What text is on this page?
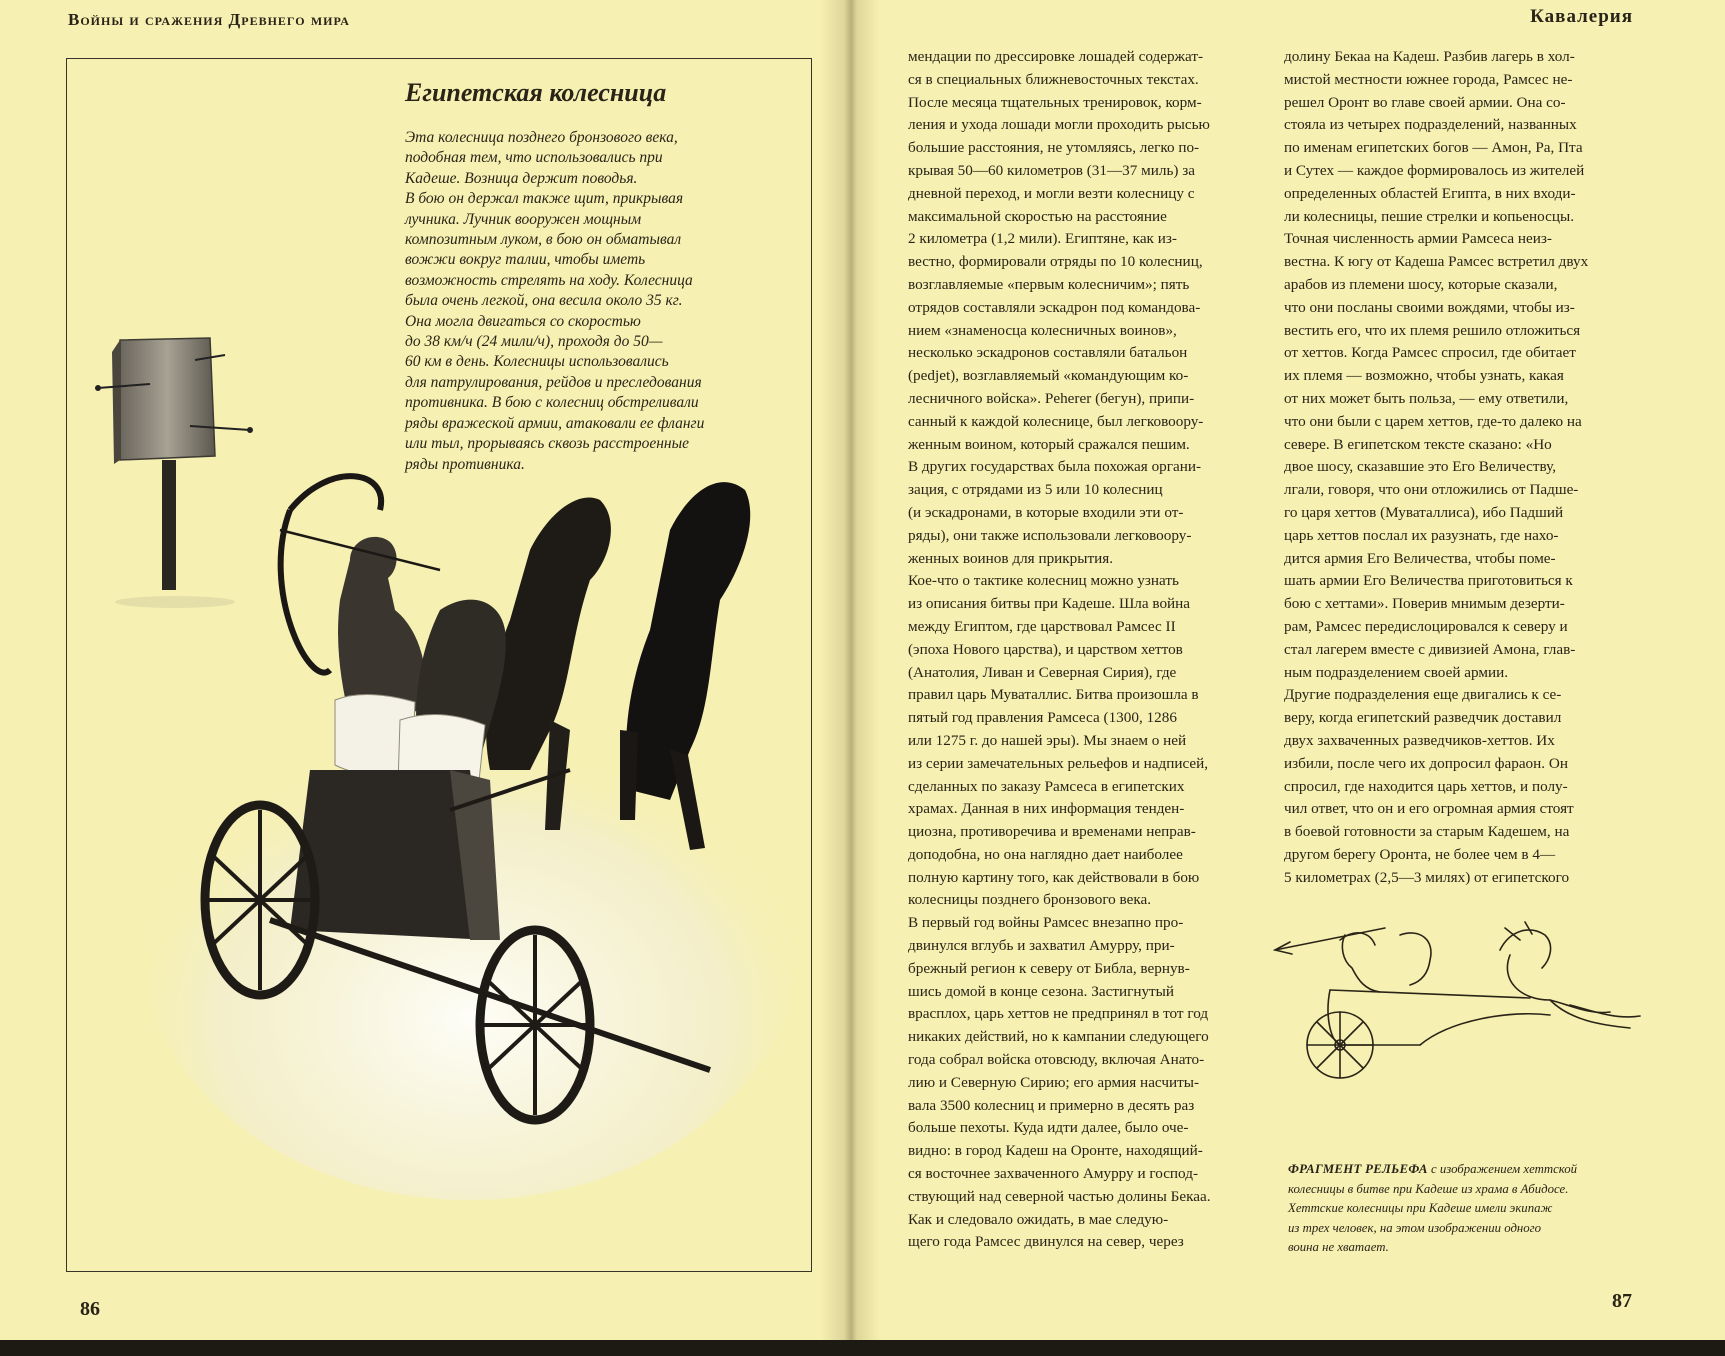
Войны и сражения Древнего мира	Кавалерия
Египетская колесница

Эта колесница позднего бронзового века,
подобная тем, что использовались при
Кадеше. Возница держит поводья.
В бою он держал также щит, прикрывая
лучника. Лучник вооружен мощным
композитным луком, в бою он обматывал
вожжи вокруг талии, чтобы иметь
возможность стрелять на ходу. Колесница
была очень легкой, она весила около 35 кг.
Она могла двигаться со скоростью
до 38 км/ч (24 мили/ч), проходя до 50—
60 км в день. Колесницы использовались
для патрулирования, рейдов и преследования
противника. В бою с колесниц обстреливали
ряды вражеской армии, атаковали ее фланги
или тыл, прорываясь сквозь расстроенные
ряды противника.

86

мендации по дрессировке лошадей содержат-
ся в специальных ближневосточных текстах.
После месяца тщательных тренировок, корм-
ления и ухода лошади могли проходить рысью
большие расстояния, не утомляясь, легко по-
крывая 50—60 километров (31—37 миль) за
дневной переход, и могли везти колесницу с
максимальной скоростью на расстояние
2 километра (1,2 мили). Египтяне, как из-
вестно, формировали отряды по 10 колесниц,
возглавляемые «первым колесничим»; пять
отрядов составляли эскадрон под командова-
нием «знаменосца колесничных воинов»,
несколько эскадронов составляли батальон
(pedjet), возглавляемый «командующим ко-
лесничного войска». Peherer (бегун), припи-
санный к каждой колеснице, был легковоору-
женным воином, который сражался пешим.
В других государствах была похожая органи-
зация, с отрядами из 5 или 10 колесниц
(и эскадронами, в которые входили эти от-
ряды), они также использовали легковоору-
женных воинов для прикрытия.
Кое-что о тактике колесниц можно узнать
из описания битвы при Кадеше. Шла война
между Египтом, где царствовал Рамсес II
(эпоха Нового царства), и царством хеттов
(Анатолия, Ливан и Северная Сирия), где
правил царь Муваталлис. Битва произошла в
пятый год правления Рамсеса (1300, 1286
или 1275 г. до нашей эры). Мы знаем о ней
из серии замечательных рельефов и надписей,
сделанных по заказу Рамсеса в египетских
храмах. Данная в них информация тенден-
циозна, противоречива и временами неправ-
доподобна, но она наглядно дает наиболее
полную картину того, как действовали в бою
колесницы позднего бронзового века.
В первый год войны Рамсес внезапно про-
двинулся вглубь и захватил Амурру, при-
брежный регион к северу от Библа, вернув-
шись домой в конце сезона. Застигнутый
врасплох, царь хеттов не предпринял в тот год
никаких действий, но к кампании следующего
года собрал войска отовсюду, включая Анато-
лию и Северную Сирию; его армия насчиты-
вала 3500 колесниц и примерно в десять раз
больше пехоты. Куда идти далее, было оче-
видно: в город Кадеш на Оронте, находящий-
ся восточнее захваченного Амурру и господ-
ствующий над северной частью долины Бекаа.
Как и следовало ожидать, в мае следую-
щего года Рамсес двинулся на север, через

долину Бекаа на Кадеш. Разбив лагерь в хол-
мистой местности южнее города, Рамсес не-
решел Оронт во главе своей армии. Она со-
стояла из четырех подразделений, названных
по именам египетских богов — Амон, Ра, Пта
и Сутех — каждое формировалось из жителей
определенных областей Египта, в них входи-
ли колесницы, пешие стрелки и копьеносцы.
Точная численность армии Рамсеса неиз-
вестна. К югу от Кадеша Рамсес встретил двух
арабов из племени шосу, которые сказали,
что они посланы своими вождями, чтобы из-
вестить его, что их племя решило отложиться
от хеттов. Когда Рамсес спросил, где обитает
их племя — возможно, чтобы узнать, какая
от них может быть польза, — ему ответили,
что они были с царем хеттов, где-то далеко на
севере. В египетском тексте сказано: «Но
двое шосу, сказавшие это Его Величеству,
лгали, говоря, что они отложились от Падше-
го царя хеттов (Муваталлиса), ибо Падший
царь хеттов послал их разузнать, где нахо-
дится армия Его Величества, чтобы поме-
шать армии Его Величества приготовиться к
бою с хеттами». Поверив мнимым дезерти-
рам, Рамсес передислоцировался к северу и
стал лагерем вместе с дивизией Амона, глав-
ным подразделением своей армии.
Другие подразделения еще двигались к се-
веру, когда египетский разведчик доставил
двух захваченных разведчиков-хеттов. Их
избили, после чего их допросил фараон. Он
спросил, где находится царь хеттов, и полу-
чил ответ, что он и его огромная армия стоят
в боевой готовности за старым Кадешем, на
другом берегу Оронта, не более чем в 4—
5 километрах (2,5—3 милях) от египетского

ФРАГМЕНТ РЕЛЬЕФА с изображением хеттской
колесницы в битве при Кадеше из храма в Абидосе.
Хеттские колесницы при Кадеше имели экипаж
из трех человек, на этом изображении одного
воина не хватает.

87
